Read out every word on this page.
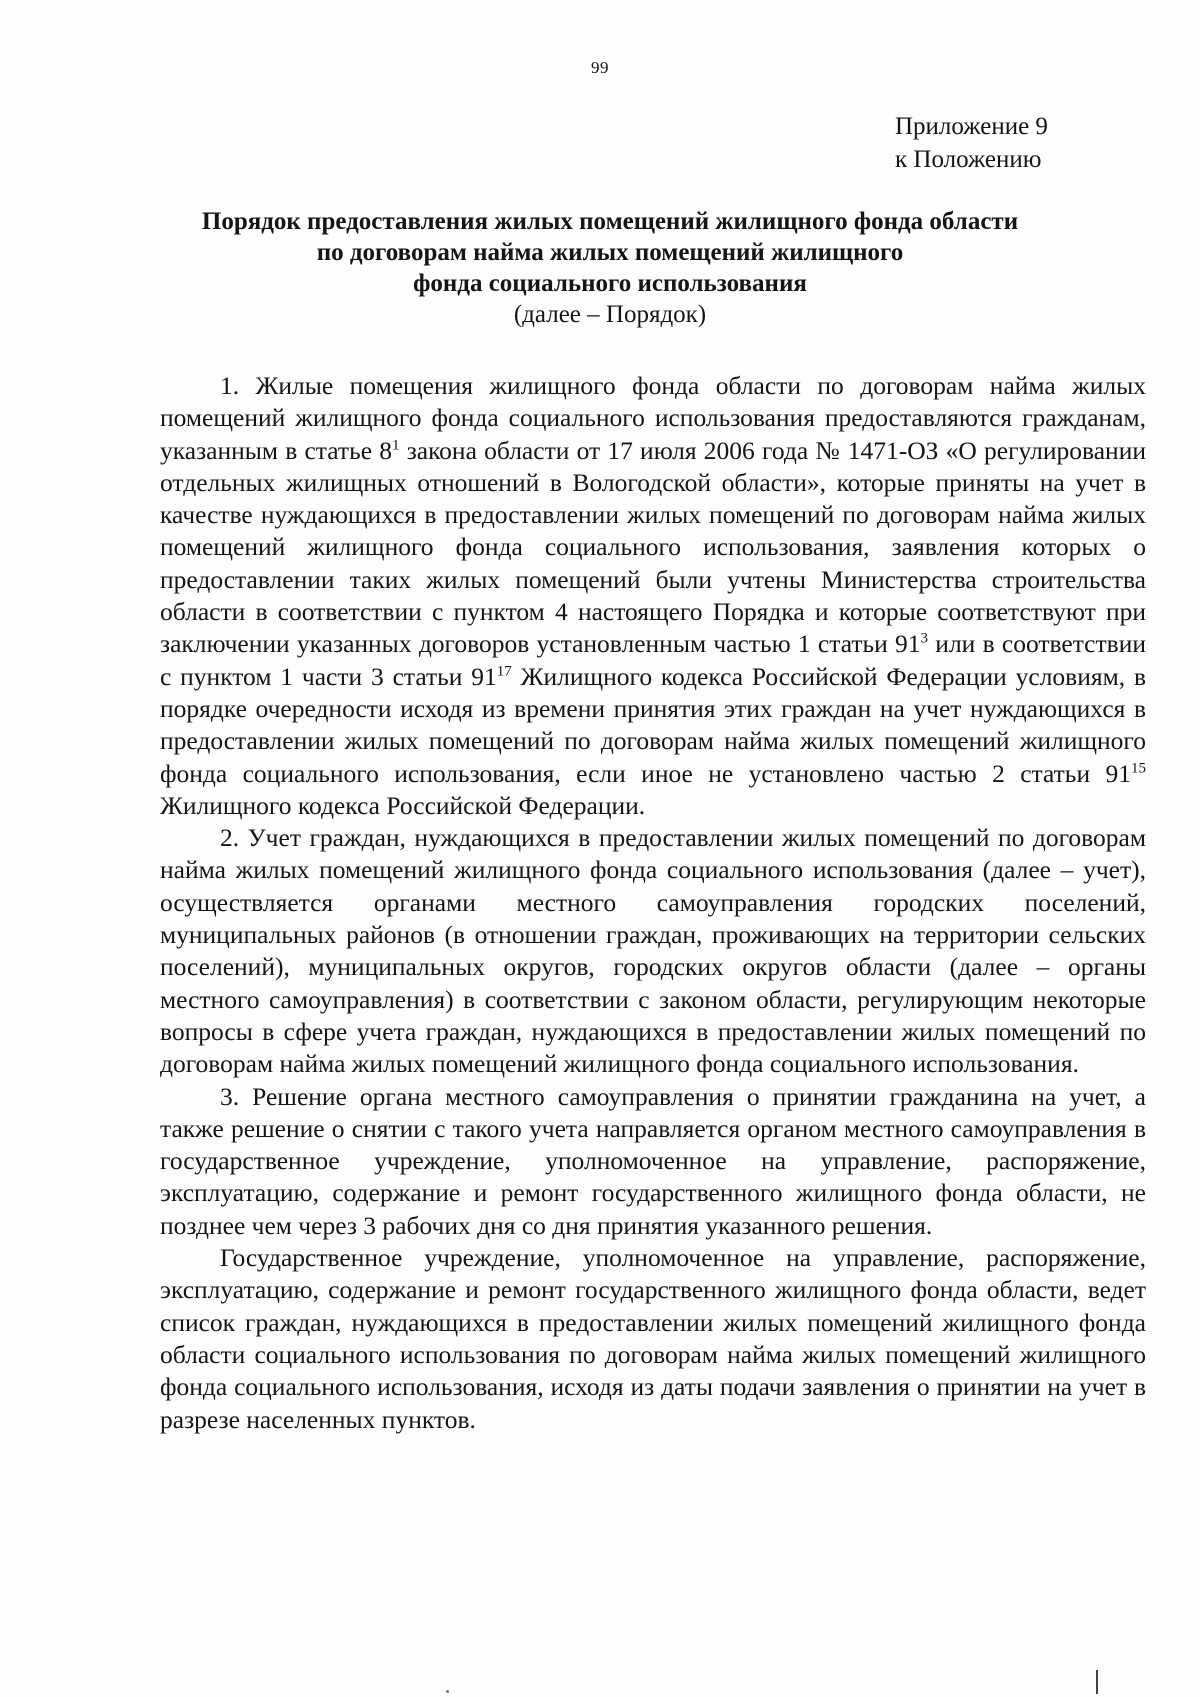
99
Приложение 9
к Положению
Порядок предоставления жилых помещений жилищного фонда области
по договорам найма жилых помещений жилищного
фонда социального использования
(далее – Порядок)

1. Жилые помещения жилищного фонда области по договорам найма жилых помещений жилищного фонда социального использования предоставляются гражданам, указанным в статье $8^1$ закона области от 17 июля 2006 года № 1471-ОЗ «О регулировании отдельных жилищных отношений в Вологодской области», которые приняты на учет в качестве нуждающихся в предоставлении жилых помещений по договорам найма жилых помещений жилищного фонда социального использования, заявления которых о предоставлении таких жилых помещений были учтены Министерства строительства области в соответствии с пунктом 4 настоящего Порядка и которые соответствуют при заключении указанных договоров установленным частью 1 статьи $91^3$ или в соответствии с пунктом 1 части 3 статьи $91^{17}$ Жилищного кодекса Российской Федерации условиям, в порядке очередности исходя из времени принятия этих граждан на учет нуждающихся в предоставлении жилых помещений по договорам найма жилых помещений жилищного фонда социального использования, если иное не установлено частью 2 статьи $91^{15}$ Жилищного кодекса Российской Федерации.

2. Учет граждан, нуждающихся в предоставлении жилых помещений по договорам найма жилых помещений жилищного фонда социального использования (далее – учет), осуществляется органами местного самоуправления городских поселений, муниципальных районов (в отношении граждан, проживающих на территории сельских поселений), муниципальных округов, городских округов области (далее – органы местного самоуправления) в соответствии с законом области, регулирующим некоторые вопросы в сфере учета граждан, нуждающихся в предоставлении жилых помещений по договорам найма жилых помещений жилищного фонда социального использования.

3. Решение органа местного самоуправления о принятии гражданина на учет, а также решение о снятии с такого учета направляется органом местного самоуправления в государственное учреждение, уполномоченное на управление, распоряжение, эксплуатацию, содержание и ремонт государственного жилищного фонда области, не позднее чем через 3 рабочих дня со дня принятия указанного решения.

Государственное учреждение, уполномоченное на управление, распоряжение, эксплуатацию, содержание и ремонт государственного жилищного фонда области, ведет список граждан, нуждающихся в предоставлении жилых помещений жилищного фонда области социального использования по договорам найма жилых помещений жилищного фонда социального использования, исходя из даты подачи заявления о принятии на учет в разрезе населенных пунктов.
